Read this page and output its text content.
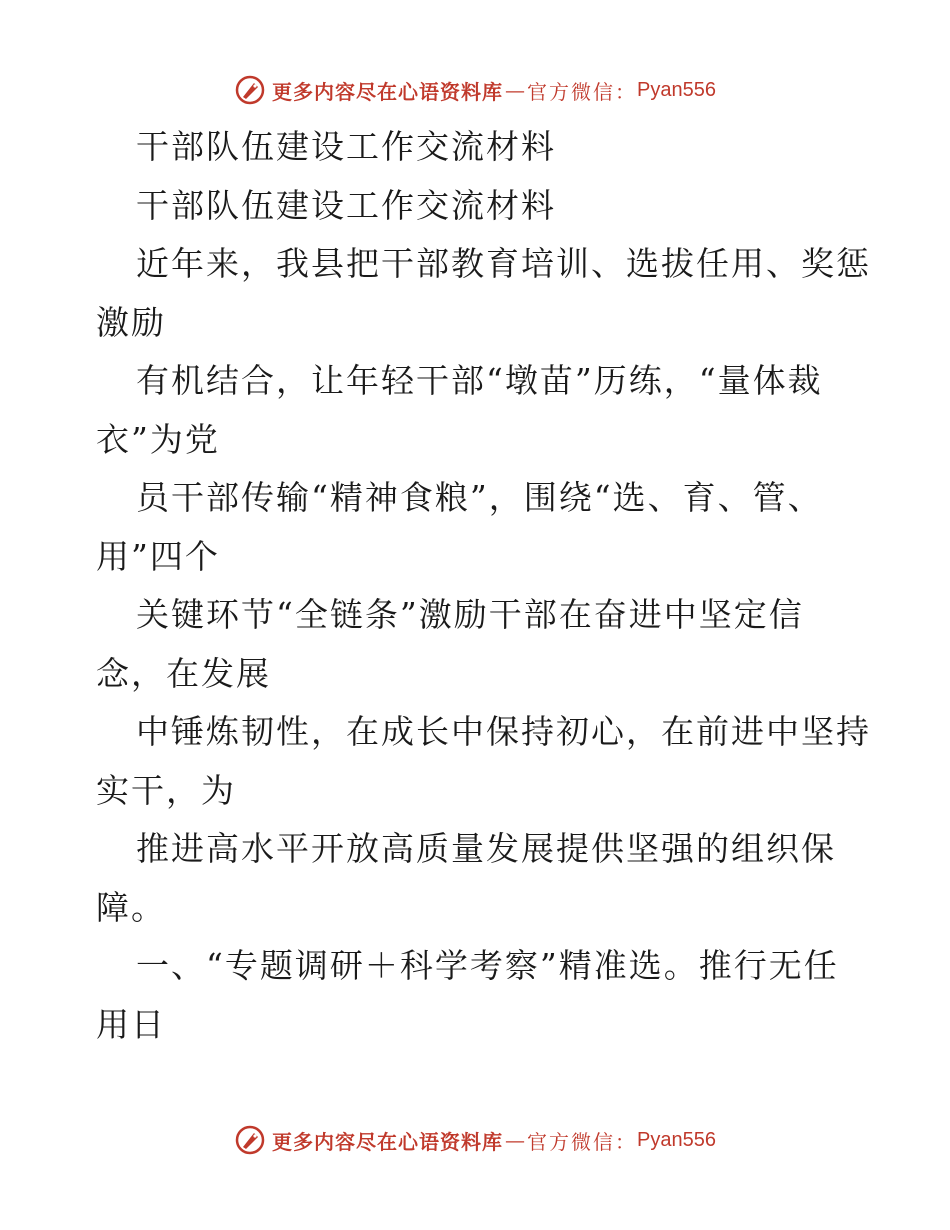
更多内容尽在心语资料库 — 官方微信： Pyan556
干部队伍建设工作交流材料
干部队伍建设工作交流材料
近年来，我县把干部教育培训、选拔任用、奖惩
激励
有机结合，让年轻干部“墩苗”历练，“量体裁
衣”为党
员干部传输“精神食粮”，围绕“选、育、管、
用”四个
关键环节“全链条”激励干部在奋进中坚定信
念，在发展
中锤炼韧性，在成长中保持初心，在前进中坚持
实干，为
推进高水平开放高质量发展提供坚强的组织保
障。
一、“专题调研＋科学考察”精准选。推行无任
用日
更多内容尽在心语资料库 — 官方微信： Pyan556
